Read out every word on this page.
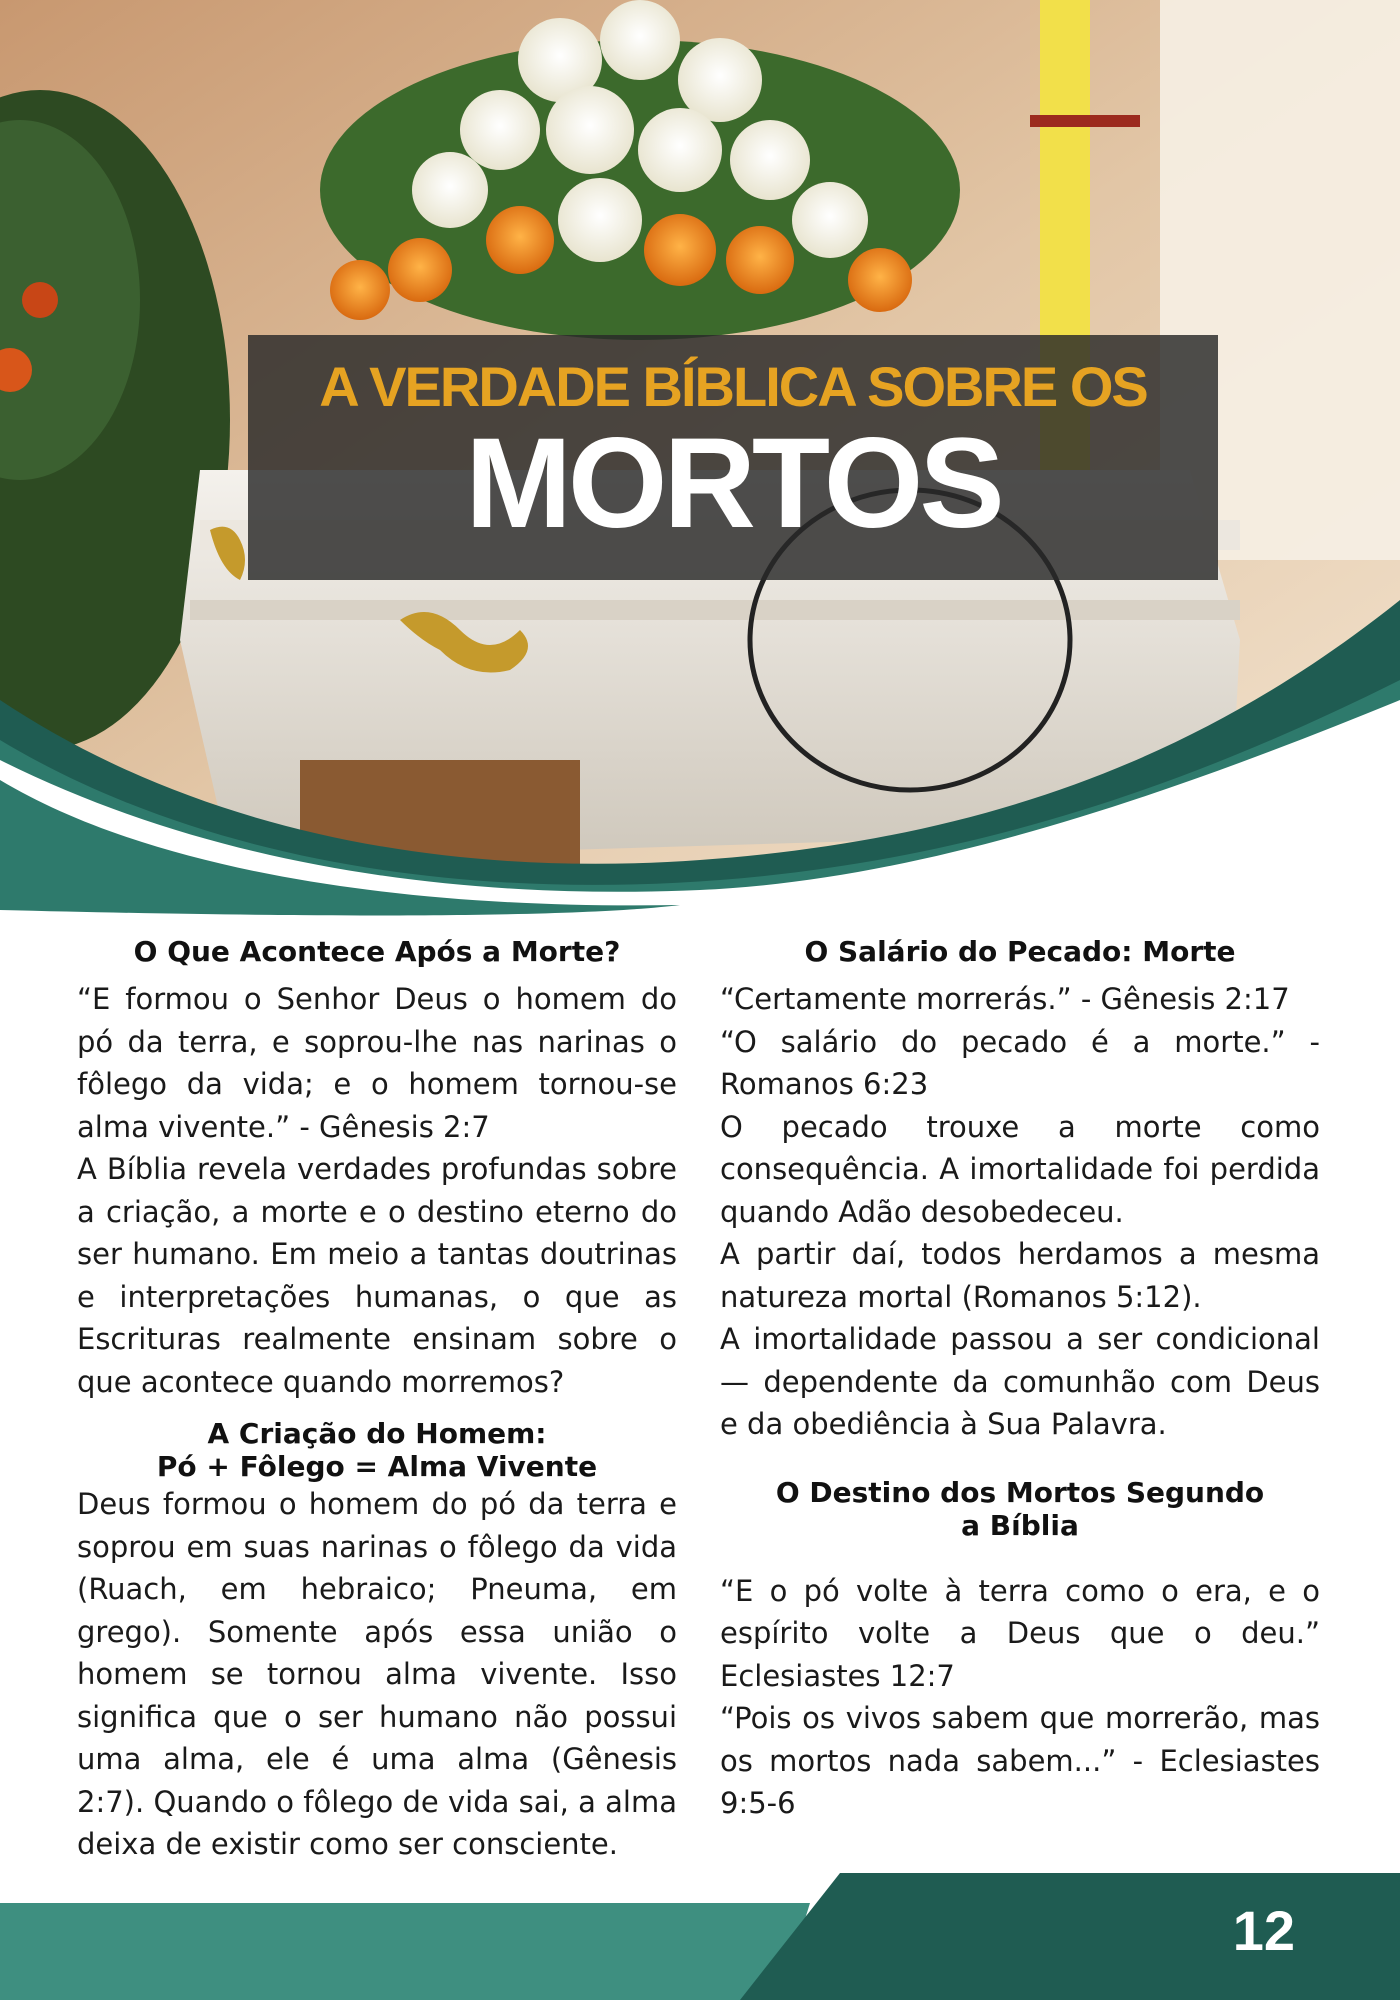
A VERDADE BÍBLICA SOBRE OS
MORTOS
O Que Acontece Após a Morte?

“E formou o Senhor Deus o homem do pó da terra, e soprou-lhe nas narinas o fôlego da vida; e o homem tornou-se alma vivente.” - Gênesis 2:7

A Bíblia revela verdades profundas sobre a criação, a morte e o destino eterno do ser humano. Em meio a tantas doutrinas e interpretações humanas, o que as Escrituras realmente ensinam sobre o que acontece quando morremos?

A Criação do Homem:
Pó + Fôlego = Alma Vivente

Deus formou o homem do pó da terra e soprou em suas narinas o fôlego da vida (Ruach, em hebraico; Pneuma, em grego). Somente após essa união o homem se tornou alma vivente. Isso significa que o ser humano não possui uma alma, ele é uma alma (Gênesis 2:7). Quando o fôlego de vida sai, a alma deixa de existir como ser consciente.

O Salário do Pecado: Morte

“Certamente morrerás.” - Gênesis 2:17

“O salário do pecado é a morte.” - Romanos 6:23

O pecado trouxe a morte como consequência. A imortalidade foi perdida quando Adão desobedeceu.

A partir daí, todos herdamos a mesma natureza mortal (Romanos 5:12).

A imortalidade passou a ser condicional — dependente da comunhão com Deus e da obediência à Sua Palavra.

O Destino dos Mortos Segundo
a Bíblia

“E o pó volte à terra como o era, e o espírito volte a Deus que o deu.” Eclesiastes 12:7

“Pois os vivos sabem que morrerão, mas os mortos nada sabem...” - Eclesiastes 9:5-6

12
